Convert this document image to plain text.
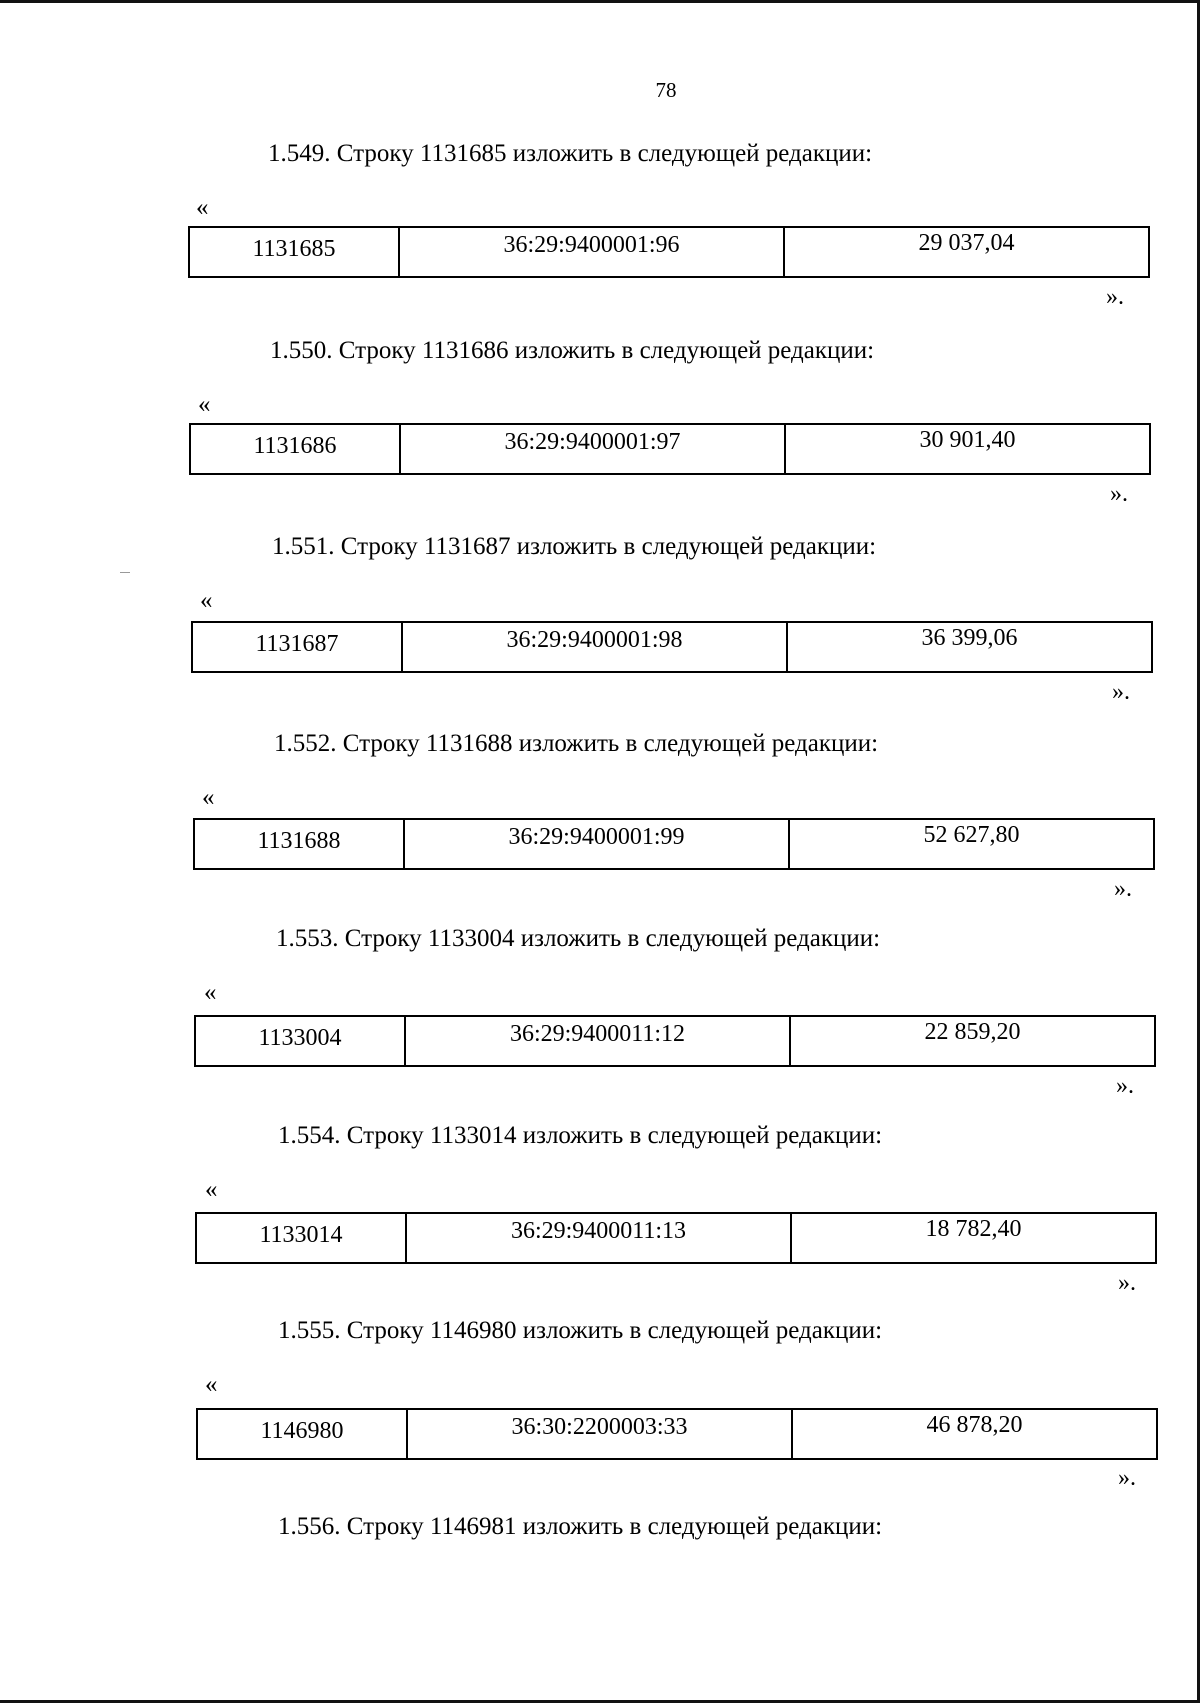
78
1.549. Строку 1131685 изложить в следующей редакции:
«
1131685	36:29:9400001:96	29 037,04
».
1.550. Строку 1131686 изложить в следующей редакции:
«
1131686	36:29:9400001:97	30 901,40
».
1.551. Строку 1131687 изложить в следующей редакции:
«
1131687	36:29:9400001:98	36 399,06
».
1.552. Строку 1131688 изложить в следующей редакции:
«
1131688	36:29:9400001:99	52 627,80
».
1.553. Строку 1133004 изложить в следующей редакции:
«
1133004	36:29:9400011:12	22 859,20
».
1.554. Строку 1133014 изложить в следующей редакции:
«
1133014	36:29:9400011:13	18 782,40
».
1.555. Строку 1146980 изложить в следующей редакции:
«
1146980	36:30:2200003:33	46 878,20
».
1.556. Строку 1146981 изложить в следующей редакции:
